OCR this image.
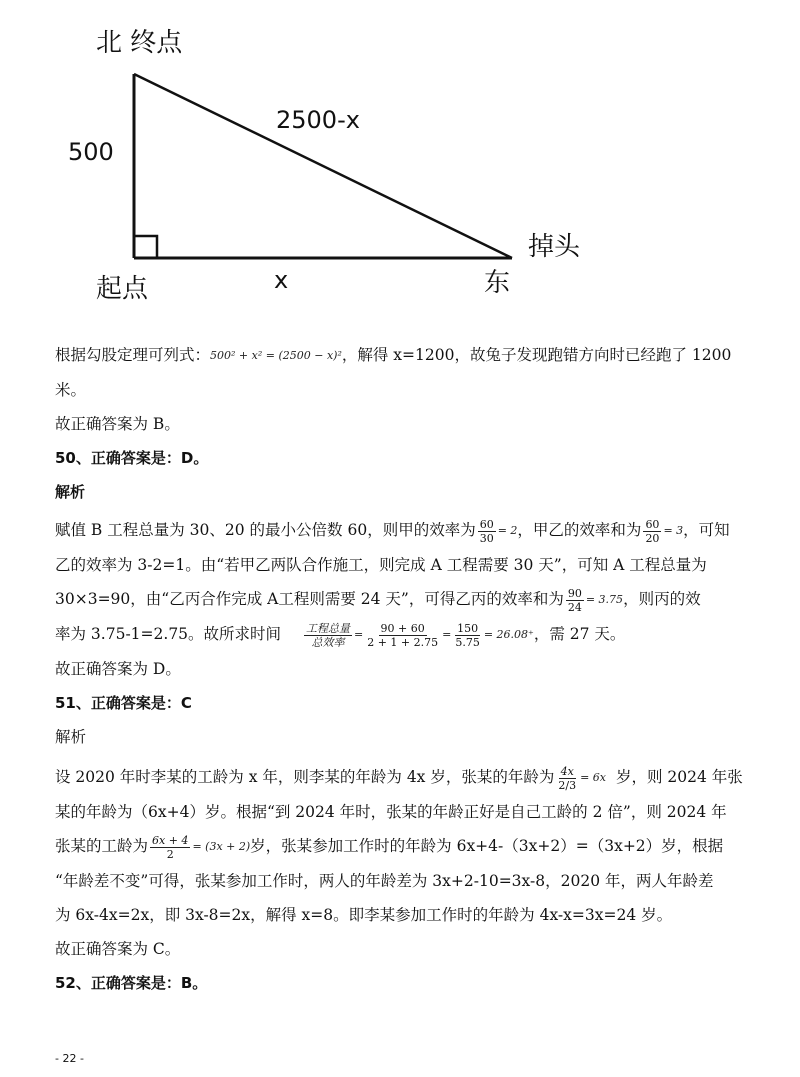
北 终点
500
2500-x
x
起点
掉头
东

根据勾股定理可列式：500² + x² = (2500 − x)²，解得 x=1200，故兔子发现跑错方向时已经跑了 1200

米。

故正确答案为 B。

50、正确答案是：D。

解析

赋值 B 工程总量为 30、20 的最小公倍数 60，则甲的效率为 $\frac{60}{30} = 2$，甲乙的效率和为 $\frac{60}{20} = 3$，可知

乙的效率为 3-2=1。由“若甲乙两队合作施工，则完成 A 工程需要 30 天”，可知 A 工程总量为

30×3=90，由“乙丙合作完成 A工程则需要 24 天”，可得乙丙的效率和为 $\frac{90}{24} = 3.75$，则丙的效

率为 3.75-1=2.75。故所求时间 $\frac{\text{工程总量}}{\text{总效率}} = \frac{90 + 60}{2 + 1 + 2.75} = \frac{150}{5.75} = 26.08^+$，需 27 天。

故正确答案为 D。

51、正确答案是：C

解析

设 2020 年时李某的工龄为 x 年，则李某的年龄为 4x 岁，张某的年龄为 $\frac{4x}{2/3} = 6x$ 岁，则 2024 年张

某的年龄为（6x+4）岁。根据“到 2024 年时，张某的年龄正好是自己工龄的 2 倍”，则 2024 年

张某的工龄为 $\frac{6x + 4}{2} = (3x + 2)$岁，张某参加工作时的年龄为 6x+4-（3x+2）=（3x+2）岁，根据

“年龄差不变”可得，张某参加工作时，两人的年龄差为 3x+2-10=3x-8，2020 年，两人年龄差

为 6x-4x=2x，即 3x-8=2x，解得 x=8。即李某参加工作时的年龄为 4x-x=3x=24 岁。

故正确答案为 C。

52、正确答案是：B。

- 22 -
